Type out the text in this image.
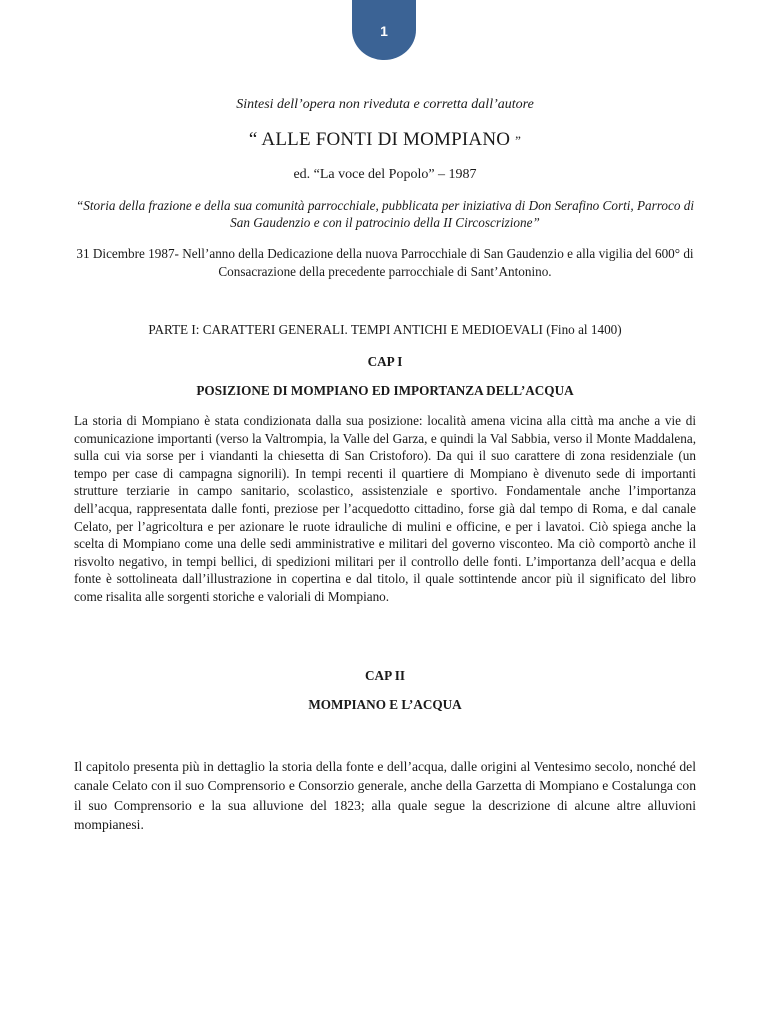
1
Sintesi dell’opera non riveduta e corretta dall’autore
“ ALLE FONTI DI MOMPIANO ”
ed. “La voce del Popolo” – 1987
“Storia della frazione e della sua comunità parrocchiale, pubblicata per iniziativa di Don Serafino Corti, Parroco di San Gaudenzio e con il patrocinio della II Circoscrizione”
31 Dicembre 1987- Nell’anno della Dedicazione della nuova Parrocchiale di San Gaudenzio e alla vigilia del 600° di Consacrazione della precedente parrocchiale di Sant’Antonino.
PARTE I: CARATTERI GENERALI. TEMPI ANTICHI E MEDIOEVALI (Fino al 1400)
CAP I
POSIZIONE DI MOMPIANO ED IMPORTANZA DELL’ACQUA
La storia di Mompiano è stata condizionata dalla sua posizione: località amena vicina alla città ma anche a vie di comunicazione importanti (verso la Valtrompia, la Valle del Garza, e quindi la Val Sabbia, verso il Monte Maddalena, sulla cui via sorse per i viandanti la chiesetta di San Cristoforo). Da qui il suo carattere di zona residenziale (un tempo per case di campagna signorili). In tempi recenti il quartiere di Mompiano è divenuto sede di importanti strutture terziarie in campo sanitario, scolastico, assistenziale e sportivo. Fondamentale anche l’importanza dell’acqua, rappresentata dalle fonti, preziose per l’acquedotto cittadino, forse già dal tempo di Roma, e dal canale Celato, per l’agricoltura e per azionare le ruote idrauliche di mulini e officine, e per i lavatoi. Ciò spiega anche la scelta di Mompiano come una delle sedi amministrative e militari del governo visconteo. Ma ciò comportò anche il risvolto negativo, in tempi bellici, di spedizioni militari per il controllo delle fonti. L’importanza dell’acqua e della fonte è sottolineata dall’illustrazione in copertina e dal titolo, il quale sottintende ancor più il significato del libro come risalita alle sorgenti storiche e valoriali di Mompiano.
CAP II
MOMPIANO E L’ACQUA
Il capitolo presenta più in dettaglio la storia della fonte e dell’acqua, dalle origini al Ventesimo secolo, nonché del canale Celato con il suo Comprensorio e Consorzio generale, anche della Garzetta di Mompiano e Costalunga con il suo Comprensorio e la sua alluvione del 1823; alla quale segue la descrizione di alcune altre alluvioni mompianesi.
